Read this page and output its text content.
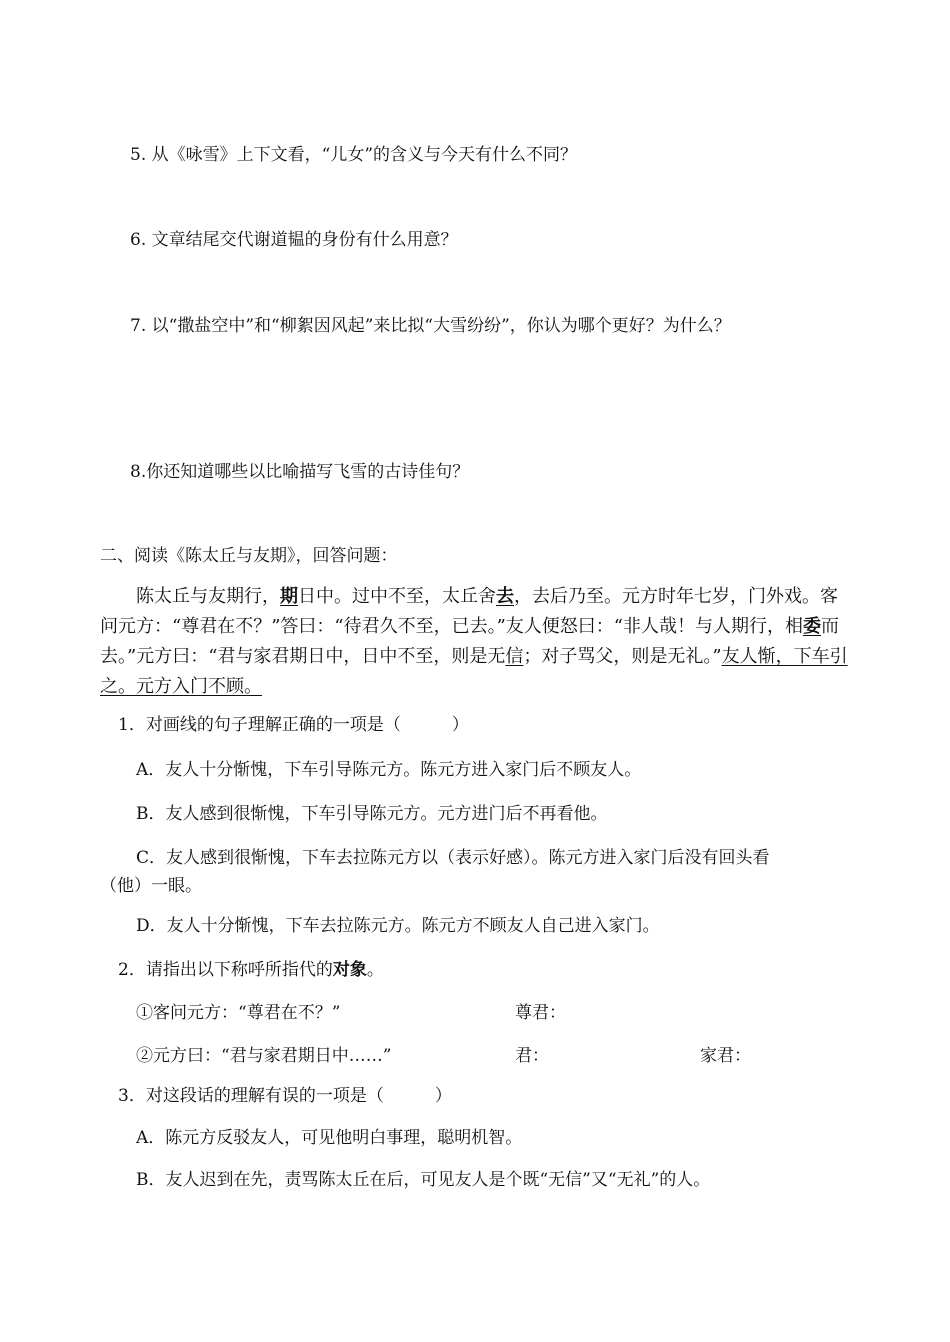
5. 从《咏雪》上下文看，“儿女”的含义与今天有什么不同？
6. 文章结尾交代谢道韫的身份有什么用意？
7. 以“撒盐空中”和“柳絮因风起”来比拟“大雪纷纷”，你认为哪个更好？为什么？
8.你还知道哪些以比喻描写飞雪的古诗佳句？
二、阅读《陈太丘与友期》，回答问题：
陈太丘与友期行，期日中。过中不至，太丘舍去，去后乃至。元方时年七岁，门外戏。客问元方：“尊君在不？”答曰：“待君久不至，已去。”友人便怒曰：“非人哉！与人期行，相委而去。”元方曰：“君与家君期日中，日中不至，则是无信；对子骂父，则是无礼。”友人惭，下车引之。元方入门不顾。
1．对画线的句子理解正确的一项是（　　　）
A．友人十分惭愧，下车引导陈元方。陈元方进入家门后不顾友人。
B．友人感到很惭愧，下车引导陈元方。元方进门后不再看他。
C．友人感到很惭愧，下车去拉陈元方以（表示好感）。陈元方进入家门后没有回头看
（他）一眼。
D．友人十分惭愧，下车去拉陈元方。陈元方不顾友人自己进入家门。
2．请指出以下称呼所指代的对象。
①客问元方：“尊君在不？”	尊君：
②元方曰：“君与家君期日中……”	君：	家君：
3．对这段话的理解有误的一项是（　　　）
A．陈元方反驳友人，可见他明白事理，聪明机智。
B．友人迟到在先，责骂陈太丘在后，可见友人是个既“无信”又“无礼”的人。
